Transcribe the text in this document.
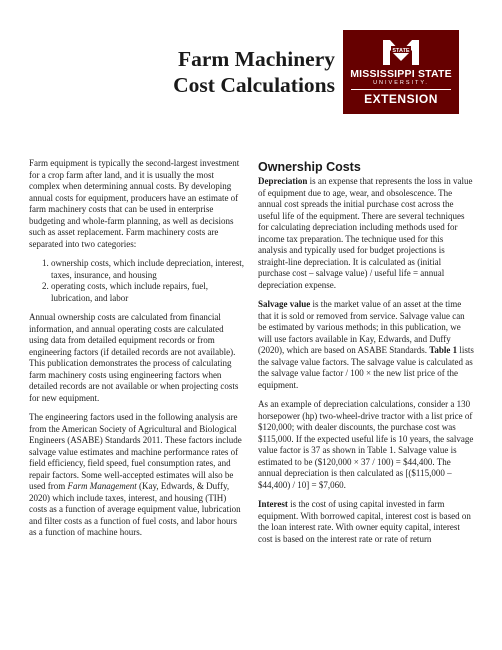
Farm Machinery
Cost Calculations
STATE
MISSISSIPPI STATE
UNIVERSITY.
EXTENSION

Farm equipment is typically the second-largest investment for a crop farm after land, and it is usually the most complex when determining annual costs. By developing annual costs for equipment, producers have an estimate of farm machinery costs that can be used in enterprise budgeting and whole-farm planning, as well as decisions such as asset replacement. Farm machinery costs are separated into two categories:

1. ownership costs, which include depreciation, interest, taxes, insurance, and housing
2. operating costs, which include repairs, fuel, lubrication, and labor

Annual ownership costs are calculated from financial information, and annual operating costs are calculated using data from detailed equipment records or from engineering factors (if detailed records are not available). This publication demonstrates the process of calculating farm machinery costs using engineering factors when detailed records are not available or when projecting costs for new equipment.

The engineering factors used in the following analysis are from the American Society of Agricultural and Biological Engineers (ASABE) Standards 2011. These factors include salvage value estimates and machine performance rates of field efficiency, field speed, fuel consumption rates, and repair factors. Some well-accepted estimates will also be used from Farm Management (Kay, Edwards, & Duffy, 2020) which include taxes, interest, and housing (TIH) costs as a function of average equipment value, lubrication and filter costs as a function of fuel costs, and labor hours as a function of machine hours.

Ownership Costs

Depreciation is an expense that represents the loss in value of equipment due to age, wear, and obsolescence. The annual cost spreads the initial purchase cost across the useful life of the equipment. There are several techniques for calculating depreciation including methods used for income tax preparation. The technique used for this analysis and typically used for budget projections is straight-line depreciation. It is calculated as (initial purchase cost – salvage value) / useful life = annual depreciation expense.

Salvage value is the market value of an asset at the time that it is sold or removed from service. Salvage value can be estimated by various methods; in this publication, we will use factors available in Kay, Edwards, and Duffy (2020), which are based on ASABE Standards. Table 1 lists the salvage value factors. The salvage value is calculated as the salvage value factor / 100 × the new list price of the equipment.

As an example of depreciation calculations, consider a 130 horsepower (hp) two-wheel-drive tractor with a list price of $120,000; with dealer discounts, the purchase cost was $115,000. If the expected useful life is 10 years, the salvage value factor is 37 as shown in Table 1. Salvage value is estimated to be ($120,000 × 37 / 100) = $44,400. The annual depreciation is then calculated as [($115,000 – $44,400) / 10] = $7,060.

Interest is the cost of using capital invested in farm equipment. With borrowed capital, interest cost is based on the loan interest rate. With owner equity capital, interest cost is based on the interest rate or rate of return
